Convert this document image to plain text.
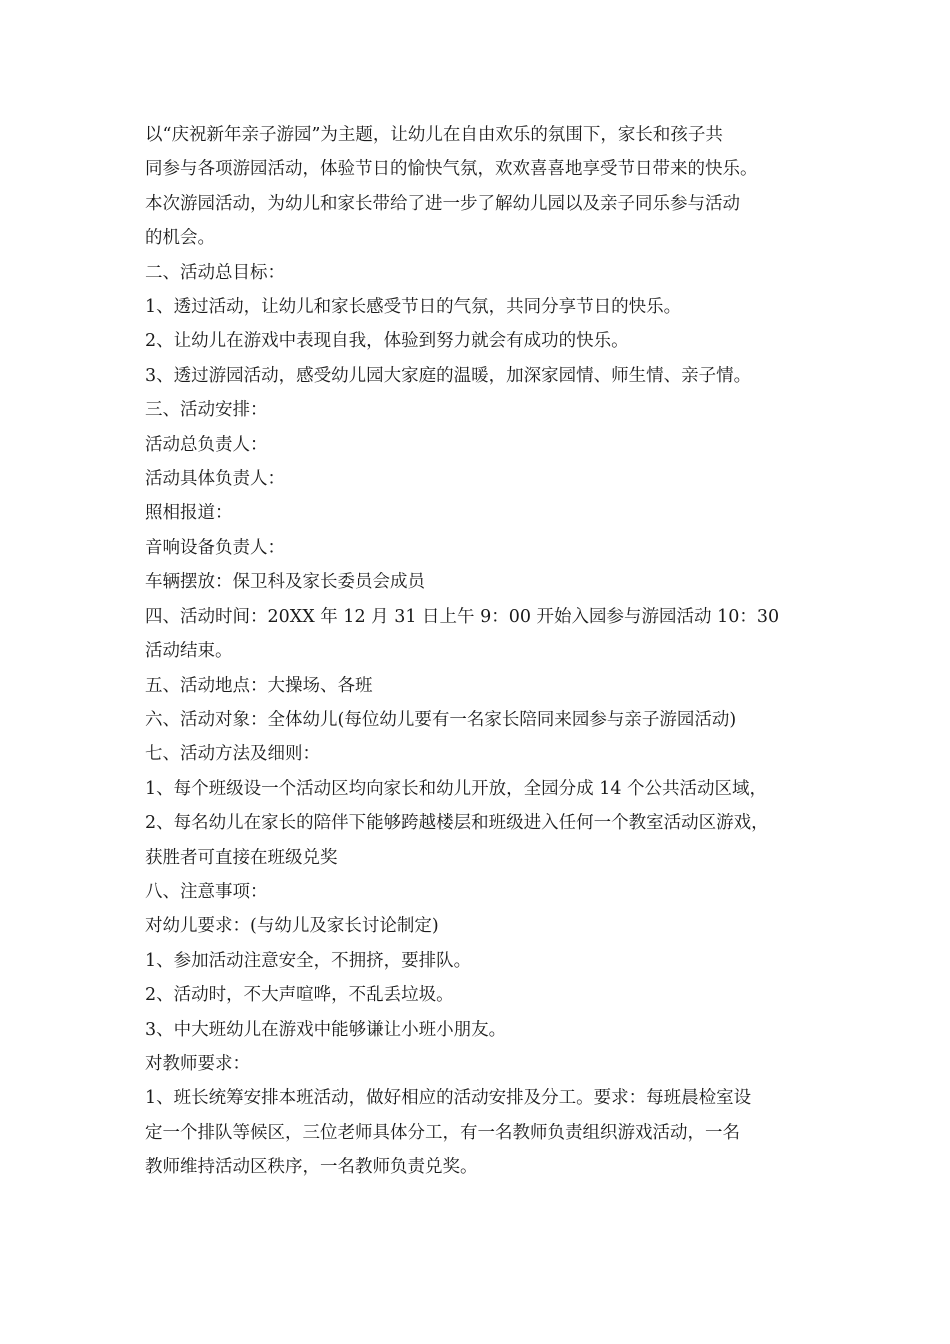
以“庆祝新年亲子游园”为主题，让幼儿在自由欢乐的氛围下，家长和孩子共
同参与各项游园活动，体验节日的愉快气氛，欢欢喜喜地享受节日带来的快乐。
本次游园活动，为幼儿和家长带给了进一步了解幼儿园以及亲子同乐参与活动
的机会。
二、活动总目标：
1、透过活动，让幼儿和家长感受节日的气氛，共同分享节日的快乐。
2、让幼儿在游戏中表现自我，体验到努力就会有成功的快乐。
3、透过游园活动，感受幼儿园大家庭的温暖，加深家园情、师生情、亲子情。
三、活动安排：
活动总负责人：
活动具体负责人：
照相报道：
音响设备负责人：
车辆摆放：保卫科及家长委员会成员
四、活动时间：20XX 年 12 月 31 日上午 9：00 开始入园参与游园活动 10：30
活动结束。
五、活动地点：大操场、各班
六、活动对象：全体幼儿(每位幼儿要有一名家长陪同来园参与亲子游园活动)
七、活动方法及细则：
1、每个班级设一个活动区均向家长和幼儿开放，全园分成 14 个公共活动区域，
2、每名幼儿在家长的陪伴下能够跨越楼层和班级进入任何一个教室活动区游戏，
获胜者可直接在班级兑奖
八、注意事项：
对幼儿要求：(与幼儿及家长讨论制定)
1、参加活动注意安全，不拥挤，要排队。
2、活动时，不大声喧哗，不乱丢垃圾。
3、中大班幼儿在游戏中能够谦让小班小朋友。
对教师要求：
1、班长统筹安排本班活动，做好相应的活动安排及分工。要求：每班晨检室设
定一个排队等候区，三位老师具体分工，有一名教师负责组织游戏活动，一名
教师维持活动区秩序，一名教师负责兑奖。
